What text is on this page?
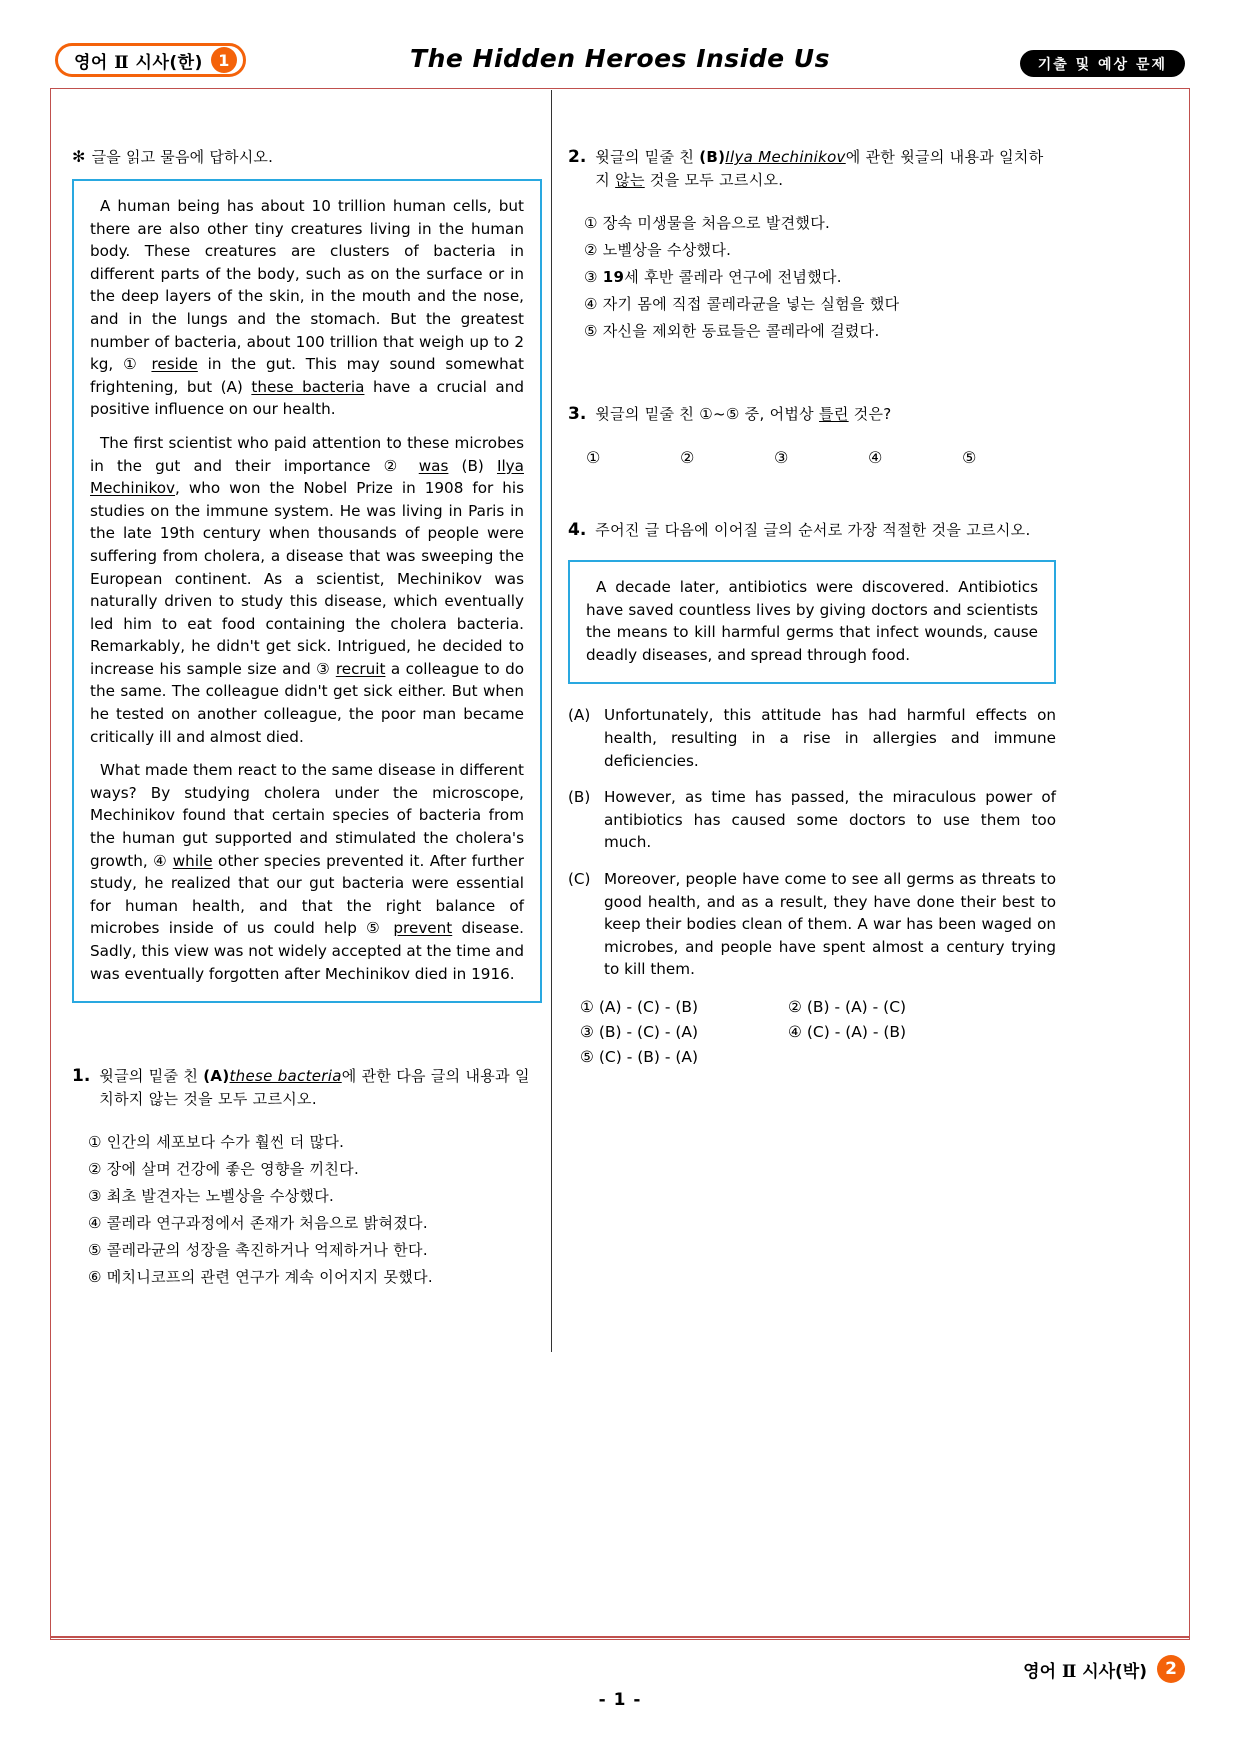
영어 Ⅱ 시사(한) 1	The Hidden Heroes Inside Us	기출 및 예상 문제
✻ 글을 읽고 물음에 답하시오.

A human being has about 10 trillion human cells, but there are also other tiny creatures living in the human body. These creatures are clusters of bacteria in different parts of the body, such as on the surface or in the deep layers of the skin, in the mouth and the nose, and in the lungs and the stomach. But the greatest number of bacteria, about 100 trillion that weigh up to 2 kg, ① reside in the gut. This may sound somewhat frightening, but (A) these bacteria have a crucial and positive influence on our health.

The first scientist who paid attention to these microbes in the gut and their importance ② was (B) Ilya Mechinikov, who won the Nobel Prize in 1908 for his studies on the immune system. He was living in Paris in the late 19th century when thousands of people were suffering from cholera, a disease that was sweeping the European continent. As a scientist, Mechinikov was naturally driven to study this disease, which eventually led him to eat food containing the cholera bacteria. Remarkably, he didn't get sick. Intrigued, he decided to increase his sample size and ③ recruit a colleague to do the same. The colleague didn't get sick either. But when he tested on another colleague, the poor man became critically ill and almost died.

What made them react to the same disease in different ways? By studying cholera under the microscope, Mechinikov found that certain species of bacteria from the human gut supported and stimulated the cholera's growth, ④ while other species prevented it. After further study, he realized that our gut bacteria were essential for human health, and that the right balance of microbes inside of us could help ⑤ prevent disease. Sadly, this view was not widely accepted at the time and was eventually forgotten after Mechinikov died in 1916.

1. 윗글의 밑줄 친 (A)these bacteria에 관한 다음 글의 내용과 일치하지 않는 것을 모두 고르시오.
① 인간의 세포보다 수가 훨씬 더 많다.
② 장에 살며 건강에 좋은 영향을 끼친다.
③ 최초 발견자는 노벨상을 수상했다.
④ 콜레라 연구과정에서 존재가 처음으로 밝혀졌다.
⑤ 콜레라균의 성장을 촉진하거나 억제하거나 한다.
⑥ 메치니코프의 관련 연구가 계속 이어지지 못했다.
2. 윗글의 밑줄 친 (B)Ilya Mechinikov에 관한 윗글의 내용과 일치하지 않는 것을 모두 고르시오.
① 장속 미생물을 처음으로 발견했다.
② 노벨상을 수상했다.
③ 19세 후반 콜레라 연구에 전념했다.
④ 자기 몸에 직접 콜레라균을 넣는 실험을 했다
⑤ 자신을 제외한 동료들은 콜레라에 걸렸다.
3. 윗글의 밑줄 친 ①~⑤ 중, 어법상 틀린 것은?
①	②	③	④	⑤
4. 주어진 글 다음에 이어질 글의 순서로 가장 적절한 것을 고르시오.

A decade later, antibiotics were discovered. Antibiotics have saved countless lives by giving doctors and scientists the means to kill harmful germs that infect wounds, cause deadly diseases, and spread through food.

(A) Unfortunately, this attitude has had harmful effects on health, resulting in a rise in allergies and immune deficiencies.
(B) However, as time has passed, the miraculous power of antibiotics has caused some doctors to use them too much.
(C) Moreover, people have come to see all germs as threats to good health, and as a result, they have done their best to keep their bodies clean of them. A war has been waged on microbes, and people have spent almost a century trying to kill them.
① (A) - (C) - (B)	② (B) - (A) - (C)
③ (B) - (C) - (A)	④ (C) - (A) - (B)
⑤ (C) - (B) - (A)
영어 Ⅱ 시사(박)	2
- 1 -
